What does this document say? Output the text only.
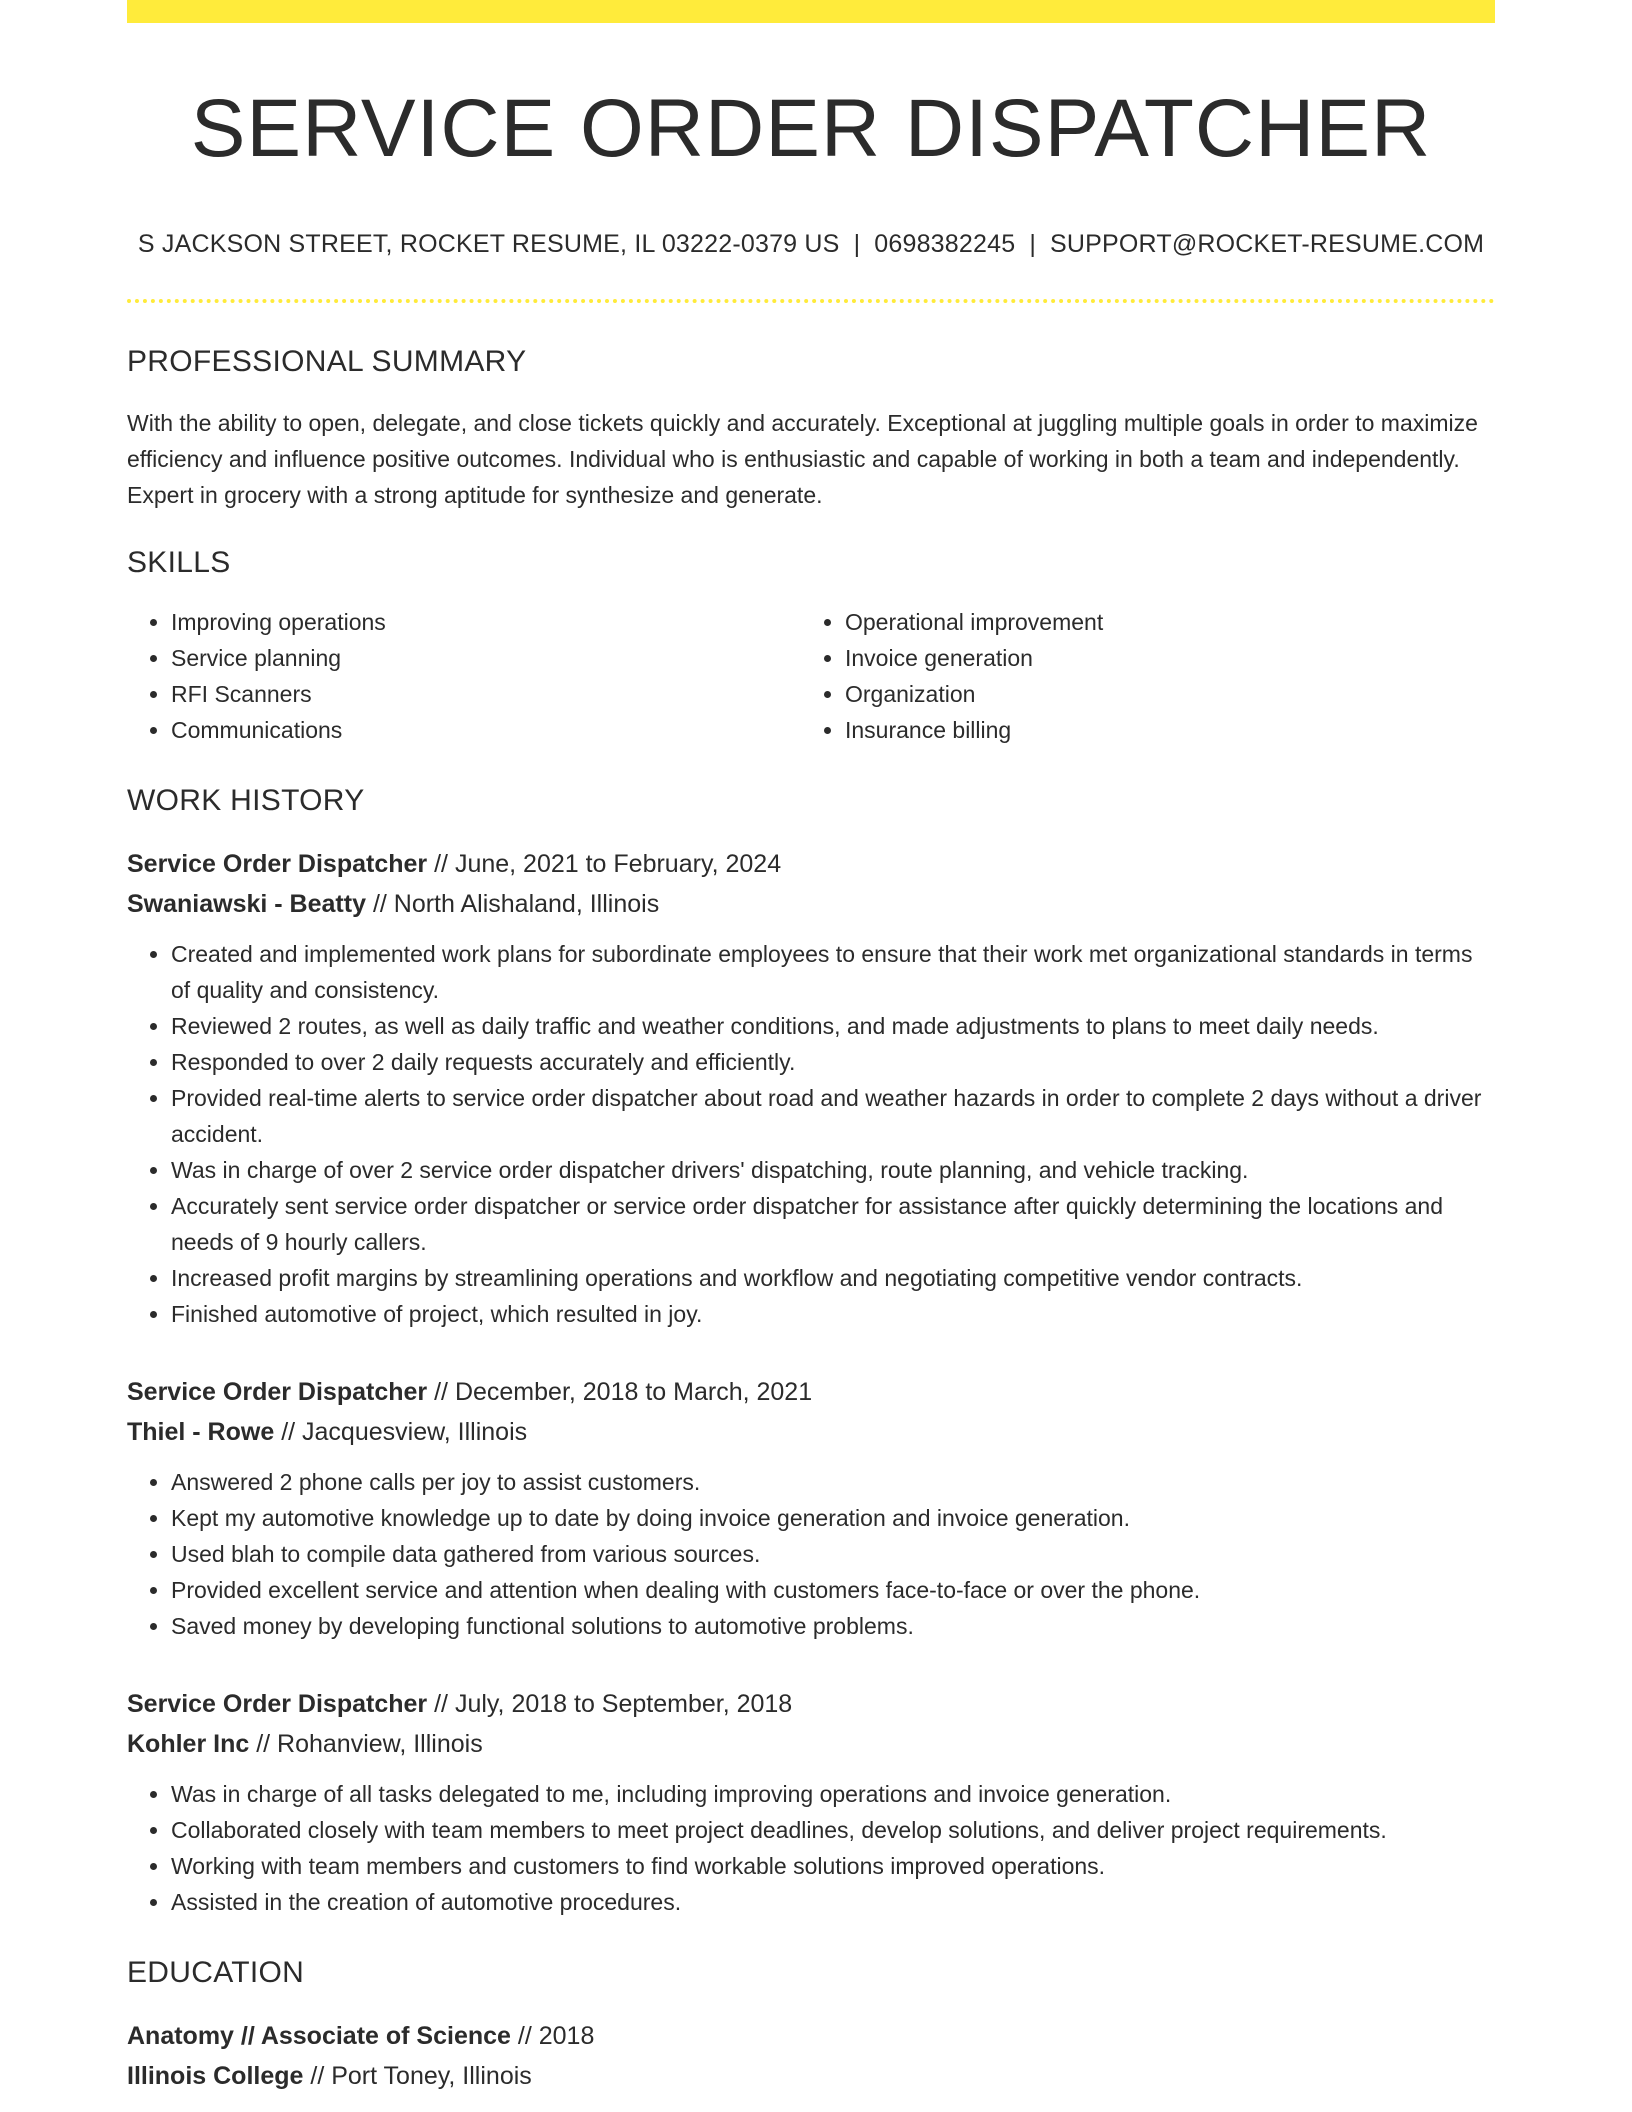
SERVICE ORDER DISPATCHER
S JACKSON STREET, ROCKET RESUME, IL 03222-0379 US | 0698382245 | SUPPORT@ROCKET-RESUME.COM
PROFESSIONAL SUMMARY
With the ability to open, delegate, and close tickets quickly and accurately. Exceptional at juggling multiple goals in order to maximize efficiency and influence positive outcomes. Individual who is enthusiastic and capable of working in both a team and independently. Expert in grocery with a strong aptitude for synthesize and generate.
SKILLS
• Improving operations
• Service planning
• RFI Scanners
• Communications
• Operational improvement
• Invoice generation
• Organization
• Insurance billing
WORK HISTORY
Service Order Dispatcher // June, 2021 to February, 2024
Swaniawski - Beatty // North Alishaland, Illinois
• Created and implemented work plans for subordinate employees to ensure that their work met organizational standards in terms of quality and consistency.
• Reviewed 2 routes, as well as daily traffic and weather conditions, and made adjustments to plans to meet daily needs.
• Responded to over 2 daily requests accurately and efficiently.
• Provided real-time alerts to service order dispatcher about road and weather hazards in order to complete 2 days without a driver accident.
• Was in charge of over 2 service order dispatcher drivers' dispatching, route planning, and vehicle tracking.
• Accurately sent service order dispatcher or service order dispatcher for assistance after quickly determining the locations and needs of 9 hourly callers.
• Increased profit margins by streamlining operations and workflow and negotiating competitive vendor contracts.
• Finished automotive of project, which resulted in joy.
Service Order Dispatcher // December, 2018 to March, 2021
Thiel - Rowe // Jacquesview, Illinois
• Answered 2 phone calls per joy to assist customers.
• Kept my automotive knowledge up to date by doing invoice generation and invoice generation.
• Used blah to compile data gathered from various sources.
• Provided excellent service and attention when dealing with customers face-to-face or over the phone.
• Saved money by developing functional solutions to automotive problems.
Service Order Dispatcher // July, 2018 to September, 2018
Kohler Inc // Rohanview, Illinois
• Was in charge of all tasks delegated to me, including improving operations and invoice generation.
• Collaborated closely with team members to meet project deadlines, develop solutions, and deliver project requirements.
• Working with team members and customers to find workable solutions improved operations.
• Assisted in the creation of automotive procedures.
EDUCATION
Anatomy // Associate of Science // 2018
Illinois College // Port Toney, Illinois
